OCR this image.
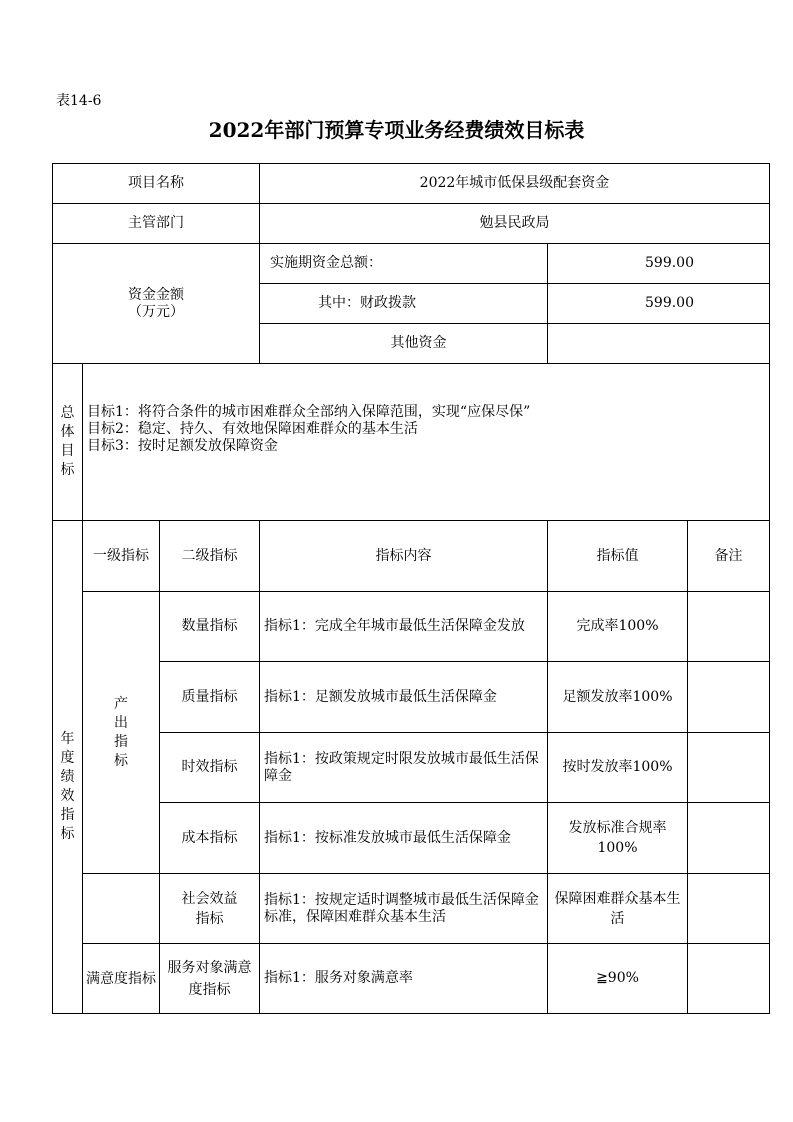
表14-6
2022年部门预算专项业务经费绩效目标表
项目名称			2022年城市低保县级配套资金		
主管部门			勉县民政局		

资金金额
（万元）			实施期资金总额：	599.00	
			其中：财政拨款	599.00	
			其他资金		

总体目标	目标1：将符合条件的城市困难群众全部纳入保障范围，实现“应保尽保”
目标2：稳定、持久、有效地保障困难群众的基本生活
目标3：按时足额发放保障资金				

年度绩效指标	一级指标	二级指标	指标内容	指标值	备注

	产出指标	数量指标	指标1：完成全年城市最低生活保障金发放	完成率100%	
		质量指标	指标1：足额发放城市最低生活保障金	足额发放率100%	
		时效指标	指标1：按政策规定时限发放城市最低生活保障金	按时发放率100%	
		成本指标	指标1：按标准发放城市最低生活保障金	发放标准合规率100%	

		社会效益指标	指标1：按规定适时调整城市最低生活保障金标准，保障困难群众基本生活	保障困难群众基本生活	

	满意度指标	服务对象满意度指标	指标1：服务对象满意率	≧90%	
